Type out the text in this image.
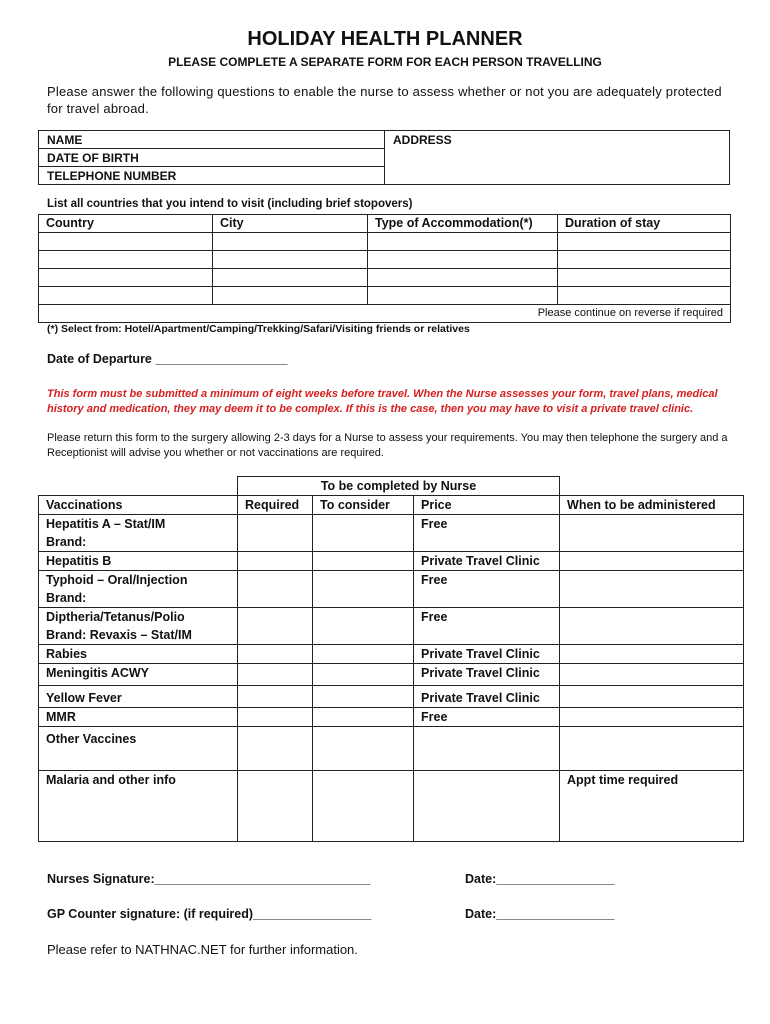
HOLIDAY HEALTH PLANNER
PLEASE COMPLETE A SEPARATE FORM FOR EACH PERSON TRAVELLING
Please answer the following questions to enable the nurse to assess whether or not you are adequately protected for travel abroad.
NAME
DATE OF BIRTH
TELEPHONE NUMBER
ADDRESS
List all countries that you intend to visit (including brief stopovers)
Country	City	Type of Accommodation(*)	Duration of stay

Please continue on reverse if required			
(*) Select from: Hotel/Apartment/Camping/Trekking/Safari/Visiting friends or relatives
Date of Departure ___________________
This form must be submitted a minimum of eight weeks before travel. When the Nurse assesses your form, travel plans, medical history and medication, they may deem it to be complex. If this is the case, then you may have to visit a private travel clinic.
Please return this form to the surgery allowing 2-3 days for a Nurse to assess your requirements. You may then telephone the surgery and a Receptionist will advise you whether or not vaccinations are required.
	To be completed by Nurse			
Vaccinations	Required	To consider	Price	When to be administered

Hepatitis A – Stat/IM
Brand:			Free	
Hepatitis B			Private Travel Clinic	

Typhoid – Oral/Injection
Brand:			Free	

Diptheria/Tetanus/Polio
Brand: Revaxis – Stat/IM			Free	
Rabies			Private Travel Clinic	
Meningitis ACWY			Private Travel Clinic	
Yellow Fever			Private Travel Clinic	
MMR			Free	
Other Vaccines				
Malaria and other info				Appt time required
Nurses Signature:_______________________________	Date:_________________
GP Counter signature: (if required)_________________	Date:_________________
Please refer to NATHNAC.NET for further information.
